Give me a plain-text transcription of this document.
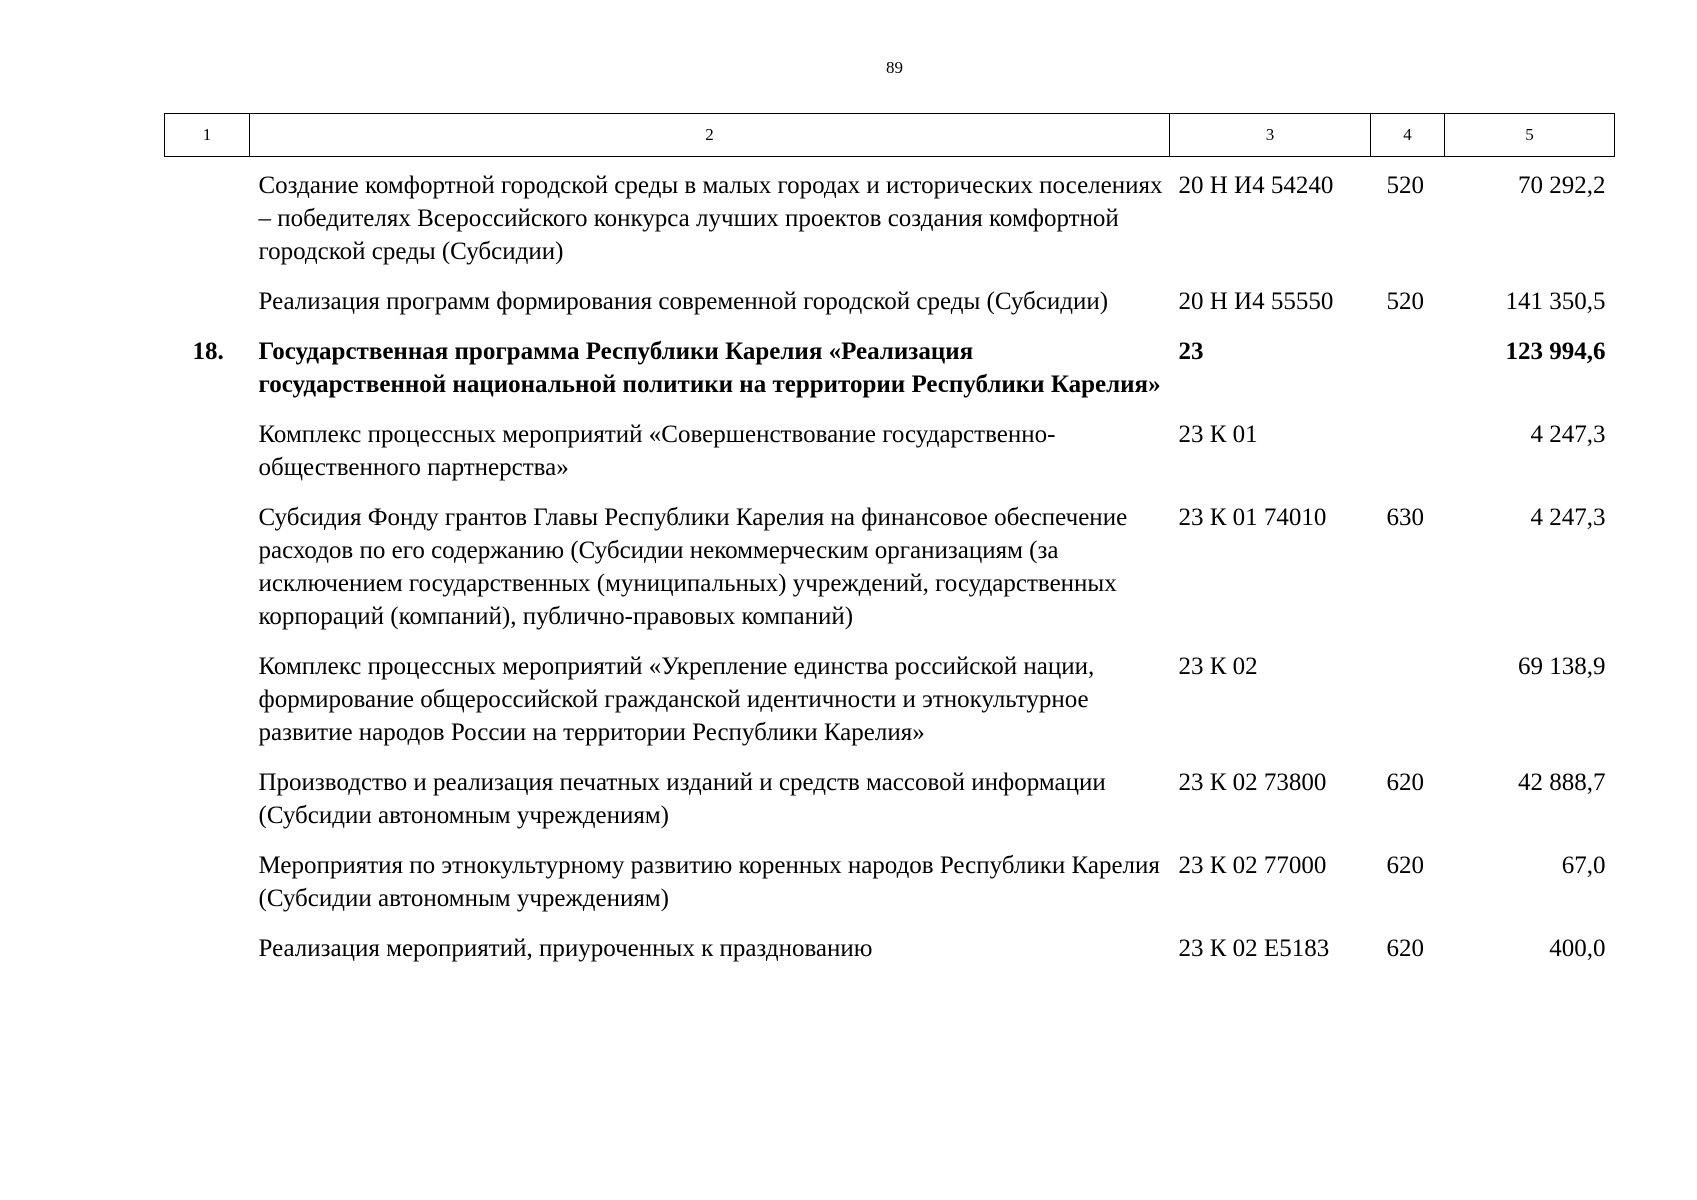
89
1	2	3	4	5
	Создание комфортной городской среды в малых городах и исторических поселениях – победителях Всероссийского конкурса лучших проектов создания комфортной городской среды (Субсидии)	20 Н И4 54240	520	70 292,2
	Реализация программ формирования современной городской среды (Субсидии)	20 Н И4 55550	520	141 350,5
18.	Государственная программа Республики Карелия «Реализация государственной национальной политики на территории Республики Карелия»	23		123 994,6
	Комплекс процессных мероприятий «Совершенствование государственно-общественного партнерства»	23 К 01		4 247,3
	Субсидия Фонду грантов Главы Республики Карелия на финансовое обеспечение расходов по его содержанию (Субсидии некоммерческим организациям (за исключением государственных (муниципальных) учреждений, государственных корпораций (компаний), публично-правовых компаний)	23 К 01 74010	630	4 247,3
	Комплекс процессных мероприятий «Укрепление единства российской нации, формирование общероссийской гражданской идентичности и этнокультурное развитие народов России на территории Республики Карелия»	23 К 02		69 138,9
	Производство и реализация печатных изданий и средств массовой информации (Субсидии автономным учреждениям)	23 К 02 73800	620	42 888,7
	Мероприятия по этнокультурному развитию коренных народов Республики Карелия (Субсидии автономным учреждениям)	23 К 02 77000	620	67,0
	Реализация мероприятий, приуроченных к празднованию	23 К 02 E5183	620	400,0
